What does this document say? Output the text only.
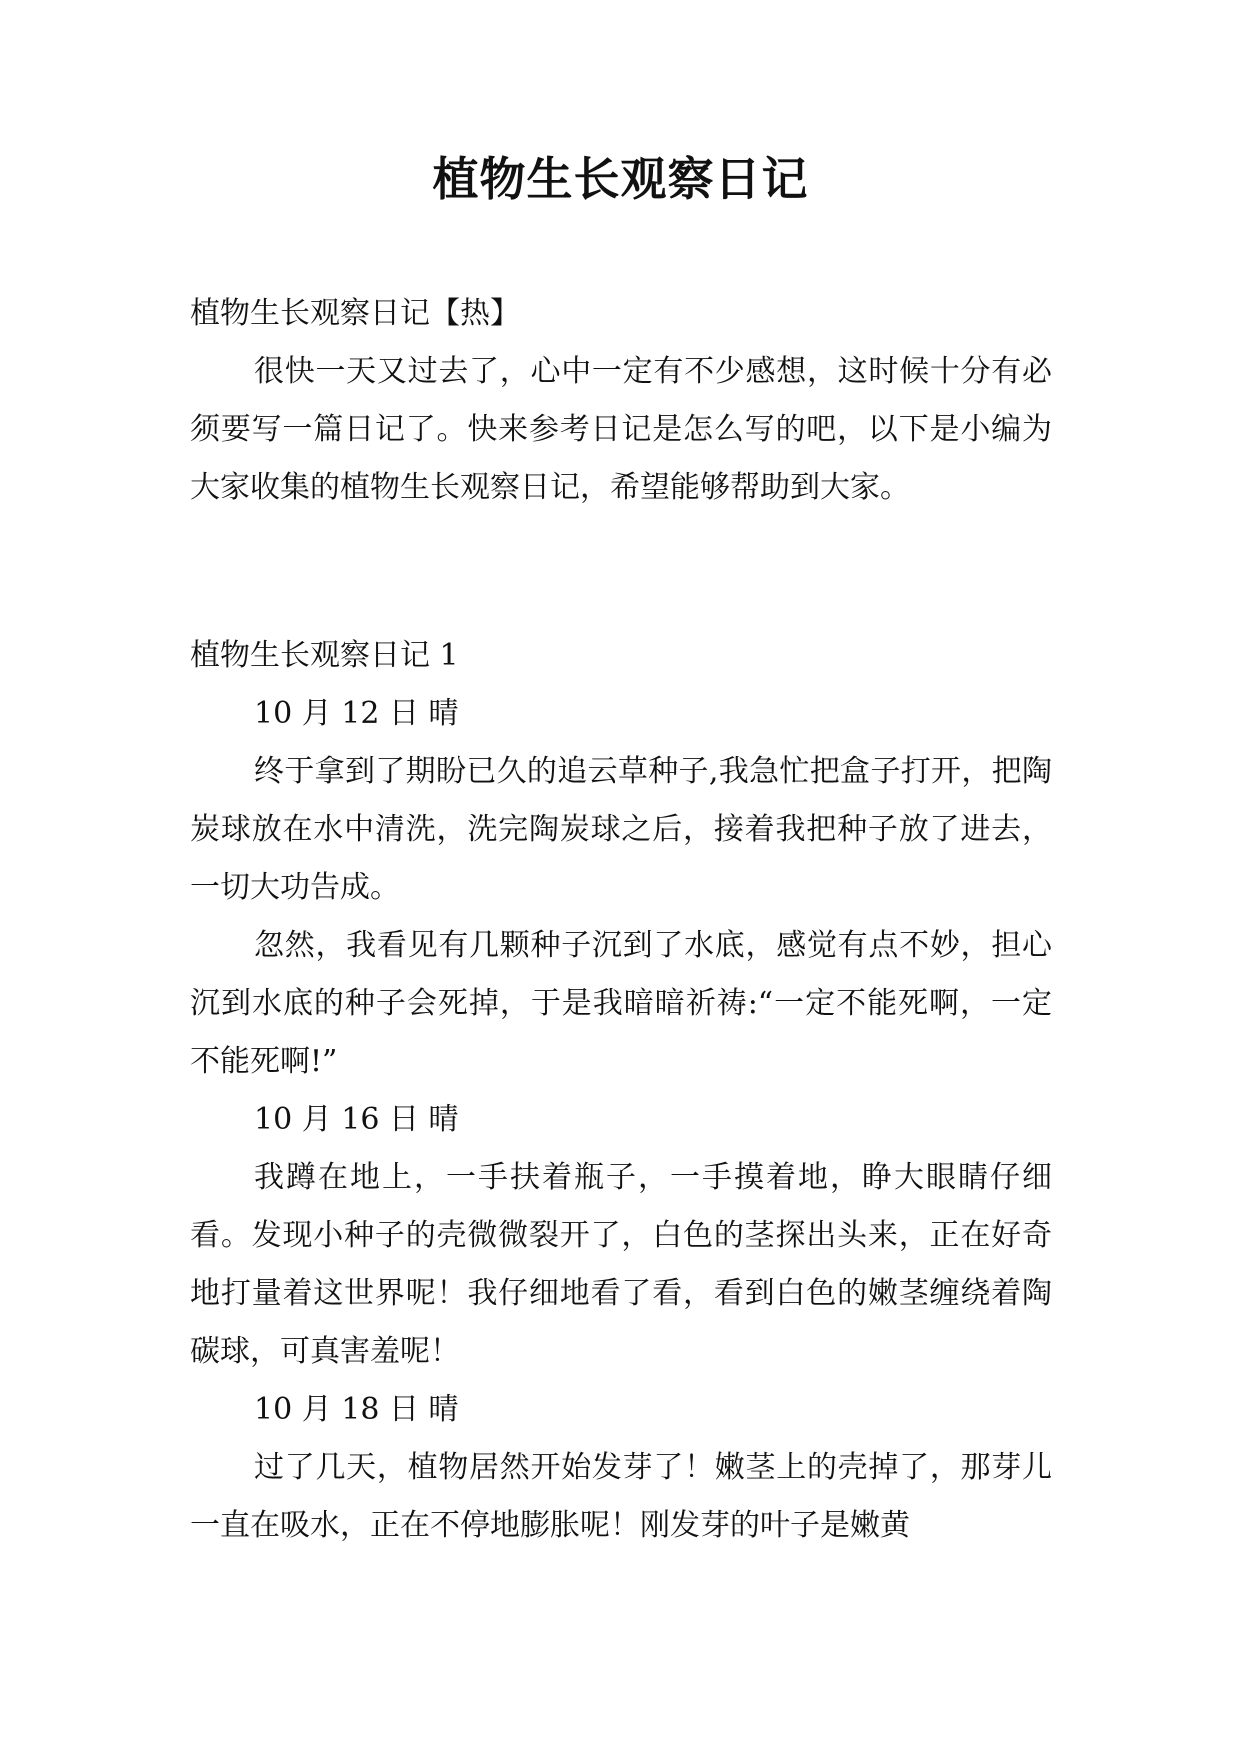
植物生长观察日记

植物生长观察日记【热】

很快一天又过去了，心中一定有不少感想，这时候十分有必须要写一篇日记了。快来参考日记是怎么写的吧，以下是小编为大家收集的植物生长观察日记，希望能够帮助到大家。

植物生长观察日记 1

10 月 12 日 晴

终于拿到了期盼已久的追云草种子,我急忙把盒子打开，把陶炭球放在水中清洗，洗完陶炭球之后，接着我把种子放了进去，一切大功告成。

忽然，我看见有几颗种子沉到了水底，感觉有点不妙，担心沉到水底的种子会死掉，于是我暗暗祈祷:“一定不能死啊，一定不能死啊!”

10 月 16 日 晴

我蹲在地上，一手扶着瓶子，一手摸着地，睁大眼睛仔细看。发现小种子的壳微微裂开了，白色的茎探出头来，正在好奇地打量着这世界呢！我仔细地看了看，看到白色的嫩茎缠绕着陶碳球，可真害羞呢！

10 月 18 日 晴

过了几天，植物居然开始发芽了！嫩茎上的壳掉了，那芽儿一直在吸水，正在不停地膨胀呢！刚发芽的叶子是嫩黄
